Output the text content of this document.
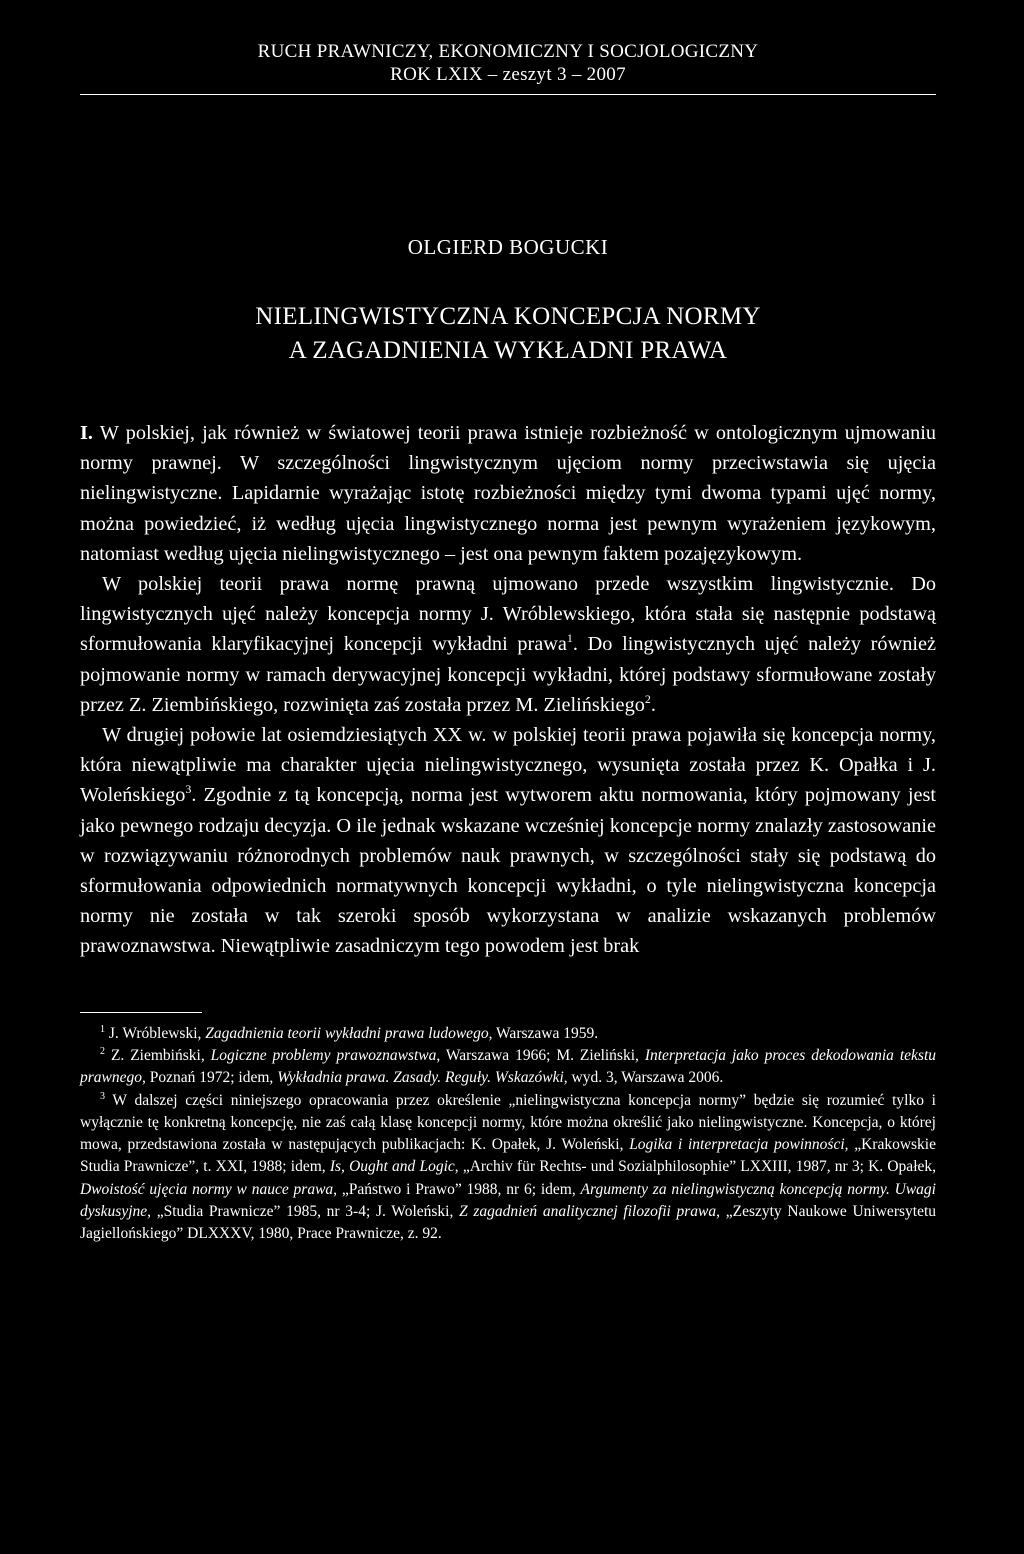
RUCH PRAWNICZY, EKONOMICZNY I SOCJOLOGICZNY
ROK LXIX – zeszyt 3 – 2007
OLGIERD BOGUCKI
NIELINGWISTYCZNA KONCEPCJA NORMY
A ZAGADNIENIA WYKŁADNI PRAWA

I. W polskiej, jak również w światowej teorii prawa istnieje rozbieżność w ontologicznym ujmowaniu normy prawnej. W szczególności lingwistycznym ujęciom normy przeciwstawia się ujęcia nielingwistyczne. Lapidarnie wyrażając istotę rozbieżności między tymi dwoma typami ujęć normy, można powiedzieć, iż według ujęcia lingwistycznego norma jest pewnym wyrażeniem językowym, natomiast według ujęcia nielingwistycznego – jest ona pewnym faktem pozajęzykowym.

W polskiej teorii prawa normę prawną ujmowano przede wszystkim lingwistycznie. Do lingwistycznych ujęć należy koncepcja normy J. Wróblewskiego, która stała się następnie podstawą sformułowania klaryfikacyjnej koncepcji wykładni prawa$^1$. Do lingwistycznych ujęć należy również pojmowanie normy w ramach derywacyjnej koncepcji wykładni, której podstawy sformułowane zostały przez Z. Ziembińskiego, rozwinięta zaś została przez M. Zielińskiego$^2$.

W drugiej połowie lat osiemdziesiątych XX w. w polskiej teorii prawa pojawiła się koncepcja normy, która niewątpliwie ma charakter ujęcia nielingwistycznego, wysunięta została przez K. Opałka i J. Woleńskiego$^3$. Zgodnie z tą koncepcją, norma jest wytworem aktu normowania, który pojmowany jest jako pewnego rodzaju decyzja. O ile jednak wskazane wcześniej koncepcje normy znalazły zastosowanie w rozwiązywaniu różnorodnych problemów nauk prawnych, w szczególności stały się podstawą do sformułowania odpowiednich normatywnych koncepcji wykładni, o tyle nielingwistyczna koncepcja normy nie została w tak szeroki sposób wykorzystana w analizie wskazanych problemów prawoznawstwa. Niewątpliwie zasadniczym tego powodem jest brak

$^1$ J. Wróblewski, Zagadnienia teorii wykładni prawa ludowego, Warszawa 1959.

$^2$ Z. Ziembiński, Logiczne problemy prawoznawstwa, Warszawa 1966; M. Zieliński, Interpretacja jako proces dekodowania tekstu prawnego, Poznań 1972; idem, Wykładnia prawa. Zasady. Reguły. Wskazówki, wyd. 3, Warszawa 2006.

$^3$ W dalszej części niniejszego opracowania przez określenie „nielingwistyczna koncepcja normy” będzie się rozumieć tylko i wyłącznie tę konkretną koncepcję, nie zaś całą klasę koncepcji normy, które można określić jako nielingwistyczne. Koncepcja, o której mowa, przedstawiona została w następujących publikacjach: K. Opałek, J. Woleński, Logika i interpretacja powinności, „Krakowskie Studia Prawnicze”, t. XXI, 1988; idem, Is, Ought and Logic, „Archiv für Rechts- und Sozialphilosophie” LXXIII, 1987, nr 3; K. Opałek, Dwoistość ujęcia normy w nauce prawa, „Państwo i Prawo” 1988, nr 6; idem, Argumenty za nielingwistyczną koncepcją normy. Uwagi dyskusyjne, „Studia Prawnicze” 1985, nr 3-4; J. Woleński, Z zagadnień analitycznej filozofii prawa, „Zeszyty Naukowe Uniwersytetu Jagiellońskiego” DLXXXV, 1980, Prace Prawnicze, z. 92.
